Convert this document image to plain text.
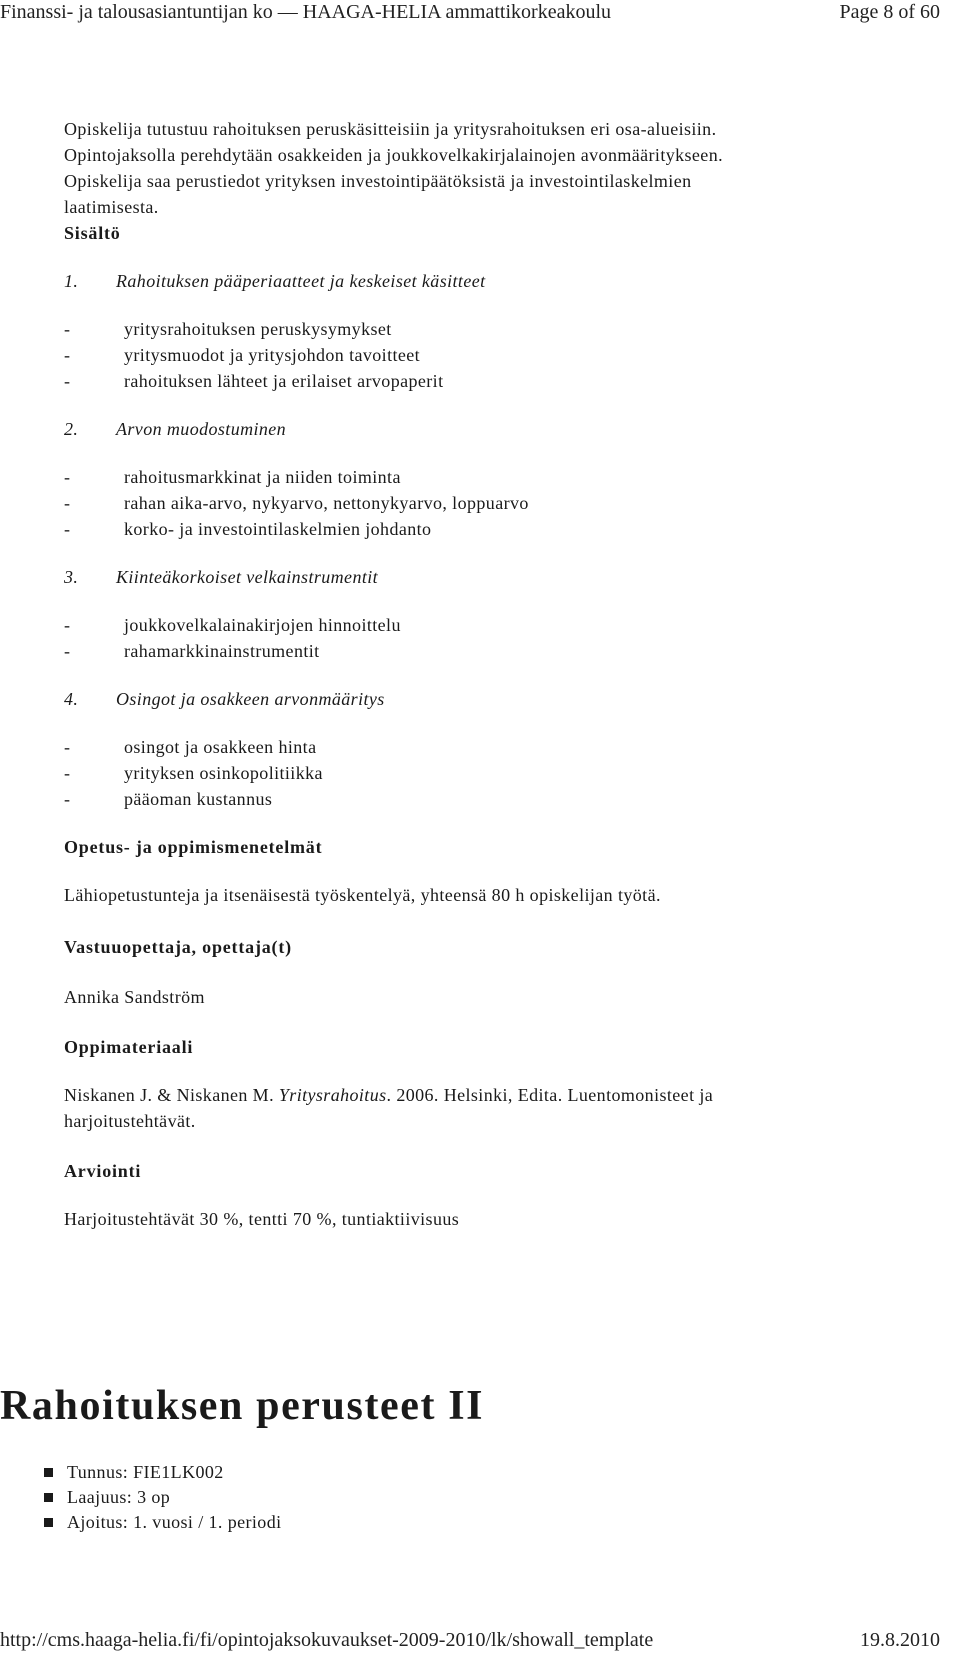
Finanssi- ja talousasiantuntijan ko — HAAGA-HELIA ammattikorkeakoulu	Page 8 of 60

Opiskelija tutustuu rahoituksen peruskäsitteisiin ja yritysrahoituksen eri osa-alueisiin.

Opintojaksolla perehdytään osakkeiden ja joukkovelkakirjalainojen avonmääritykseen.

Opiskelija saa perustiedot yrityksen investointipäätöksistä ja investointilaskelmien

laatimisesta.

Sisältö

1.	Rahoituksen pääperiaatteet ja keskeiset käsitteet

-	yritysrahoituksen peruskysymykset
-	yritysmuodot ja yritysjohdon tavoitteet
-	rahoituksen lähteet ja erilaiset arvopaperit

2.	Arvon muodostuminen

-	rahoitusmarkkinat ja niiden toiminta
-	rahan aika-arvo, nykyarvo, nettonykyarvo, loppuarvo
-	korko- ja investointilaskelmien johdanto

3.	Kiinteäkorkoiset velkainstrumentit

-	joukkovelkalainakirjojen hinnoittelu
-	rahamarkkinainstrumentit

4.	Osingot ja osakkeen arvonmääritys

-	osingot ja osakkeen hinta
-	yrityksen osinkopolitiikka
-	pääoman kustannus

Opetus- ja oppimismenetelmät

Lähiopetustunteja ja itsenäisestä työskentelyä, yhteensä 80 h opiskelijan työtä.

Vastuuopettaja, opettaja(t)

Annika Sandström

Oppimateriaali

Niskanen J. & Niskanen M. Yritysrahoitus. 2006. Helsinki, Edita. Luentomonisteet ja

harjoitustehtävät.

Arviointi

Harjoitustehtävät 30 %, tentti 70 %, tuntiaktiivisuus

Rahoituksen perusteet II
Tunnus: FIE1LK002
Laajuus: 3 op
Ajoitus: 1. vuosi / 1. periodi
http://cms.haaga-helia.fi/fi/opintojaksokuvaukset-2009-2010/lk/showall_template	19.8.2010
